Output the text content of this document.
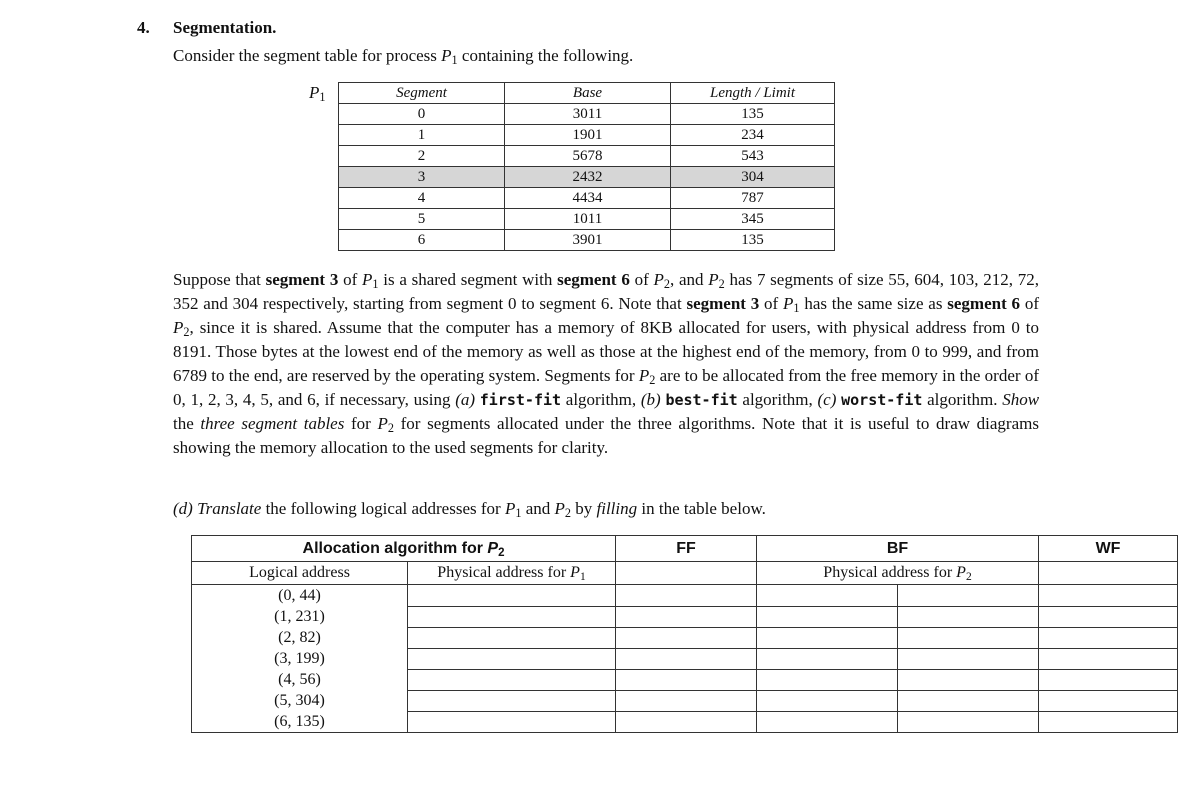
4. Segmentation.
Consider the segment table for process $P_1$ containing the following.
$P_1$	Segment	Base	Length / Limit
0	3011	135
1	1901	234
2	5678	543
3	2432	304
4	4434	787
5	1011	345
6	3901	135
Suppose that segment 3 of $P_1$ is a shared segment with segment 6 of $P_2$, and $P_2$ has 7 segments of size 55, 604, 103, 212, 72, 352 and 304 respectively, starting from segment 0 to segment 6. Note that segment 3 of $P_1$ has the same size as segment 6 of $P_2$, since it is shared. Assume that the computer has a memory of 8KB allocated for users, with physical address from 0 to 8191. Those bytes at the lowest end of the memory as well as those at the highest end of the memory, from 0 to 999, and from 6789 to the end, are reserved by the operating system. Segments for $P_2$ are to be allocated from the free memory in the order of 0, 1, 2, 3, 4, 5, and 6, if necessary, using (a) first-fit algorithm, (b) best-fit algorithm, (c) worst-fit algorithm. Show the three segment tables for $P_2$ for segments allocated under the three algorithms. Note that it is useful to draw diagrams showing the memory allocation to the used segments for clarity.
(d) Translate the following logical addresses for $P_1$ and $P_2$ by filling in the table below.
Allocation algorithm for $P_2$		FF	BF		WF
Logical address	Physical address for $P_1$		Physical address for $P_2$	
(0, 44)					
(1, 231)					
(2, 82)					
(3, 199)					
(4, 56)					
(5, 304)					
(6, 135)					
